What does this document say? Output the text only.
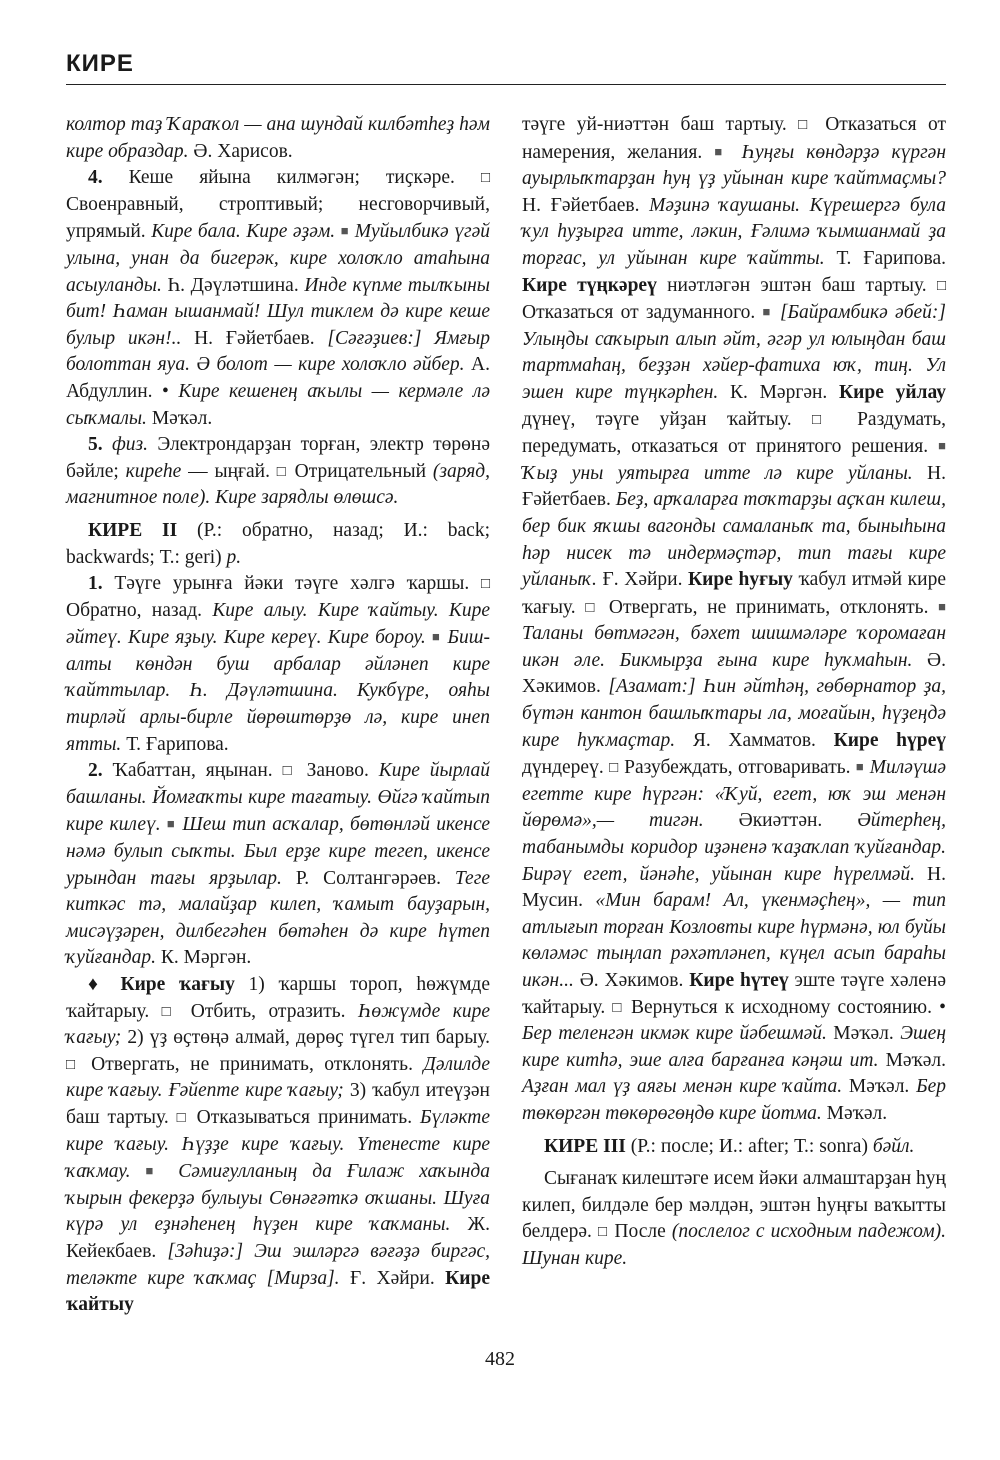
КИРЕ

колтор таҙ Ҡараҡол — ана шундай килбәтһеҙ һәм кире образдар. Ә. Харисов.

4. Кеше яйына килмәгән; тиҫкәре. □ Своенравный, строптивый; несговорчивый, упрямый. Кире бала. Кире әҙәм. ■ Муйылбикә үгәй улына, унан да бигерәк, кире холоҡло атаһына асыуланды. Һ. Дәүләтшина. Инде күпме тылҡыны бит! Һаман ышанмай! Шул тиклем дә кире кеше булыр икән!.. Н. Ғәйетбаев. [Сәғәҙиев:] Ямғыр болоттан яуа. Ә болот — кире холоҡло әйбер. А. Абдуллин. • Кире кешенең аҡылы — кермәле лә сыҡмалы. Мәҡәл.

5. физ. Электрондарҙан торған, электр төрөнә бәйле; киреһе — ыңғай. □ Отрицательный (заряд, магнитное поле). Кире зарядлы өлөшсә.

КИРЕ II (Р.: обратно, назад; И.: back; backwards; Т.: geri) р.

1. Тәүге урынға йәки тәүге хәлгә ҡаршы. □ Обратно, назад. Кире алыу. Кире ҡайтыу. Кире әйтеү. Кире яҙыу. Кире кереү. Кире бороу. ■ Биш-алты көндән буш арбалар әйләнеп кире ҡайттылар. Һ. Дәүләтшина. Кукбүре, ояһы тирләй арлы-бирле йөрөштөрҙө лә, кире инеп ятты. Т. Ғарипова.

2. Ҡабаттан, яңынан. □ Заново. Кире йырлай башланы. Йомғаҡты кире тағатыу. Өйгә ҡайтып кире килеү. ■ Шеш тип асҡалар, бөтөнләй икенсе нәмә булып сыҡты. Был ерҙе кире тегеп, икенсе урындан тағы ярҙылар. Р. Солтангәрәев. Теге киткәс тә, малайҙар килеп, ҡамыт бауҙарын, мисәүҙәрен, дилбегәһен бөтәһен дә кире һүтеп ҡуйғандар. К. Мәргән.

♦ Кире ҡағыу 1) ҡаршы тороп, һөжүмде ҡайтарыу. □ Отбить, отразить. Һөжүмде кире ҡағыу; 2) үҙ өҫтөңә алмай, дөрөҫ түгел тип барыу. □ Отвергать, не принимать, отклонять. Дәлилде кире ҡағыу. Ғәйепте кире ҡағыу; 3) ҡабул итеүҙән баш тартыу. □ Отказываться принимать. Бүләкте кире ҡағыу. Һүҙҙе кире ҡағыу. Үтенесте кире ҡаҡмау. ■ Сәмиғулланың да Ғилаж хаҡында ҡырын фекерҙә булыуы Сөнәғәткә оҡшаны. Шуға күрә ул еҙнәһенең һүҙен кире ҡаҡманы. Ж. Кейекбаев. [Зәһиҙә:] Эш эшләргә вәғәҙә биргәс, теләкте кире ҡаҡмаҫ [Мирза]. Ғ. Хәйри. Кире ҡайтыу

тәүге уй-ниәттән баш тартыу. □ Отказаться от намерения, желания. ■ Һуңғы көндәрҙә күргән ауырлыҡтарҙан һуң үҙ уйынан кире ҡайтмаҫмы? Н. Ғәйетбаев. Мәҙинә ҡаушаны. Күрешергә була ҡул һуҙырға итте, ләкин, Ғәлимә ҡымшанмай ҙа торғас, ул уйынан кире ҡайтты. Т. Ғарипова. Кире түңкәреү ниәтләгән эштән баш тартыу. □ Отказаться от задуманного. ■ [Байрамбикә әбей:] Улыңды саҡырып алып әйт, әгәр ул юлыңдан баш тартмаһаң, беҙҙән хәйер-фатиха юҡ, тиң. Ул эшен кире түңкәрһен. К. Мәргән. Кире уйлау дүнеү, тәүге уйҙан ҡайтыу. □ Раздумать, передумать, отказаться от принятого решения. ■ Ҡыҙ уны уятырға итте лә кире уйланы. Н. Ғәйетбаев. Беҙ, арҡаларға тоҡтарҙы аҫҡан килеш, бер бик яҡшы вагонды самаланыҡ та, быныһына һәр нисек тә индермәҫтәр, тип тағы кире уйланыҡ. Ғ. Хәйри. Кире һуғыу ҡабул итмәй кире ҡағыу. □ Отвергать, не принимать, отклонять. ■ Таланы бөтмәгән, бәхет шишмәләре ҡоромаған икән әле. Бикмырҙа ғына кире һуҡмаһын. Ә. Хәкимов. [Азамат:] Һин әйтһәң, гөбөрнатор ҙа, бүтән кантон башлыҡтары ла, моғайын, һүҙеңдә кире һуҡмаҫтар. Я. Хамматов. Кире һүреү дүндереү. □ Разубеждать, отговаривать. ■ Миләүшә егетте кире һүргән: «Ҡуй, егет, юҡ эш менән йөрөмә»,— тигән. Әкиәттән. Әйтерһең, табанымды коридор иҙәненә ҡаҙаҡлап ҡуйғандар. Бирәү егет, йәнәһе, уйынан кире һүрелмәй. Н. Мусин. «Мин барам! Ал, үкенмәҫһең», — тип атлығып торған Козловты кире һүрмәнә, юл буйы көләмәс тыңлап рәхәтләнеп, күңел асып бараһы икән... Ә. Хәкимов. Кире һүтеү эште тәүге хәленә ҡайтарыу. □ Вернуться к исходному состоянию. • Бер теленгән икмәк кире йәбешмәй. Мәҡәл. Эшең кире китһә, эше алға барғанға кәңәш ит. Мәҡәл. Аҙған мал үҙ аяғы менән кире ҡайта. Мәҡәл. Бер төкөргән төкөрөгөңдө кире йотма. Мәҡәл.

КИРЕ III (Р.: после; И.: after; Т.: sonra) бәйл.

Сығанаҡ килештәге исем йәки алмаштарҙан һуң килеп, билдәле бер мәлдән, эштән һуңғы ваҡытты белдерә. □ После (послелог с исходным падежом). Шунан кире.

482
